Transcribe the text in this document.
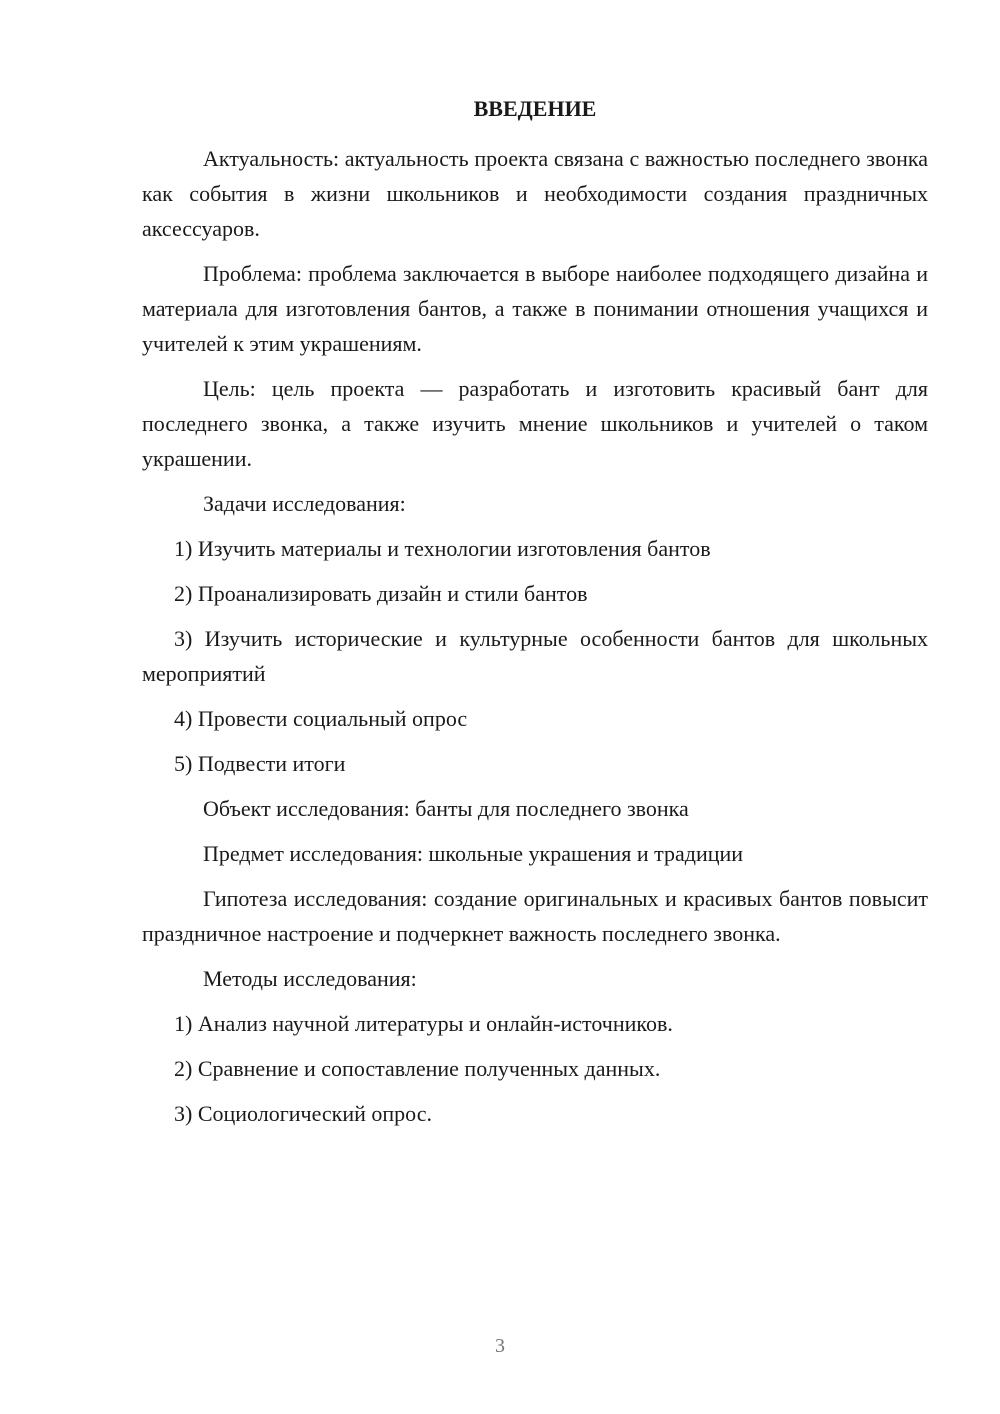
ВВЕДЕНИЕ

Актуальность: актуальность проекта связана с важностью последнего звонка как события в жизни школьников и необходимости создания праздничных аксессуаров.

Проблема: проблема заключается в выборе наиболее подходящего дизайна и материала для изготовления бантов, а также в понимании отношения учащихся и учителей к этим украшениям.

Цель: цель проекта — разработать и изготовить красивый бант для последнего звонка, а также изучить мнение школьников и учителей о таком украшении.

Задачи исследования:

1) Изучить материалы и технологии изготовления бантов

2) Проанализировать дизайн и стили бантов

3) Изучить исторические и культурные особенности бантов для школьных мероприятий

4) Провести социальный опрос

5) Подвести итоги

Объект исследования: банты для последнего звонка

Предмет исследования: школьные украшения и традиции

Гипотеза исследования: создание оригинальных и красивых бантов повысит праздничное настроение и подчеркнет важность последнего звонка.

Методы исследования:

1) Анализ научной литературы и онлайн-источников.

2) Сравнение и сопоставление полученных данных.

3) Социологический опрос.

3
